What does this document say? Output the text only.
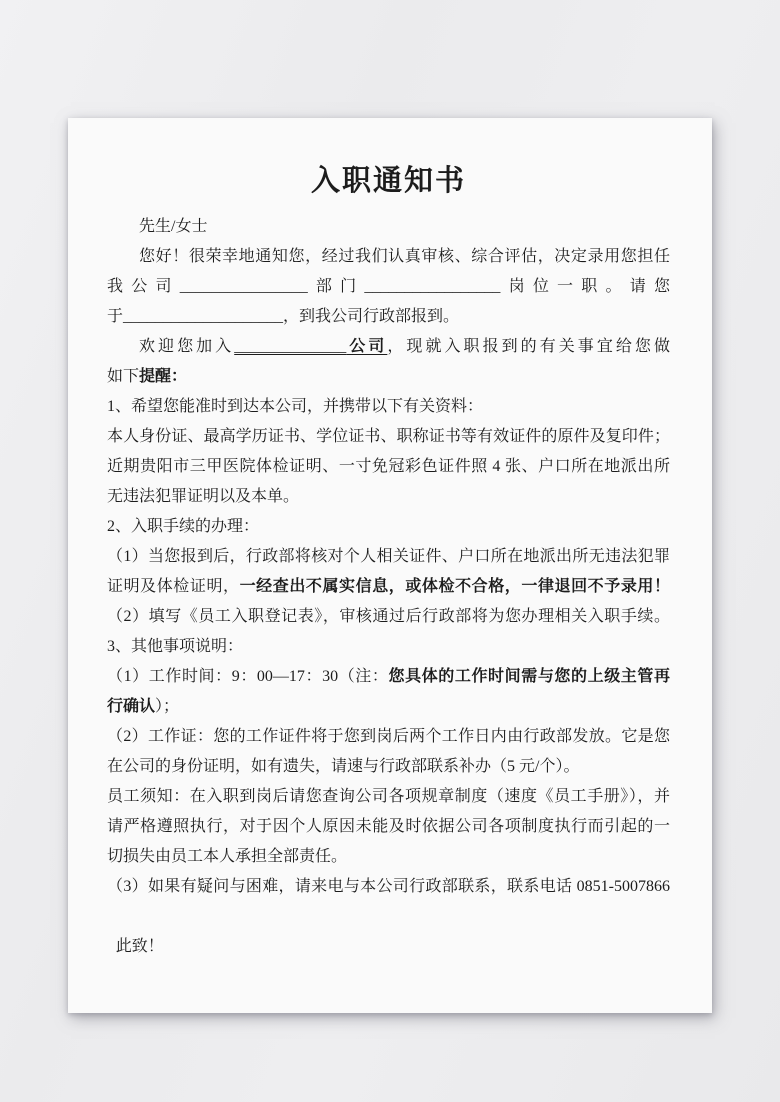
入职通知书
先生/女士
您好！很荣幸地通知您，经过我们认真审核、综合评估，决定录用您担任
我公司________________部门_________________岗位一职。请您
于____________________，到我公司行政部报到。
欢迎您加入______________公司，现就入职报到的有关事宜给您做
如下提醒：
1、希望您能准时到达本公司，并携带以下有关资料：
本人身份证、最高学历证书、学位证书、职称证书等有效证件的原件及复印件；
近期贵阳市三甲医院体检证明、一寸免冠彩色证件照 4 张、户口所在地派出所
无违法犯罪证明以及本单。
2、入职手续的办理：
（1）当您报到后，行政部将核对个人相关证件、户口所在地派出所无违法犯罪
证明及体检证明，一经查出不属实信息，或体检不合格，一律退回不予录用！
（2）填写《员工入职登记表》，审核通过后行政部将为您办理相关入职手续。
3、其他事项说明：
（1）工作时间：9：00—17：30（注：您具体的工作时间需与您的上级主管再
行确认）；
（2）工作证：您的工作证件将于您到岗后两个工作日内由行政部发放。它是您
在公司的身份证明，如有遗失，请速与行政部联系补办（5 元/个）。
员工须知：在入职到岗后请您查询公司各项规章制度（速度《员工手册》），并
请严格遵照执行，对于因个人原因未能及时依据公司各项制度执行而引起的一
切损失由员工本人承担全部责任。
（3）如果有疑问与困难，请来电与本公司行政部联系，联系电话 0851-5007866
此致！
